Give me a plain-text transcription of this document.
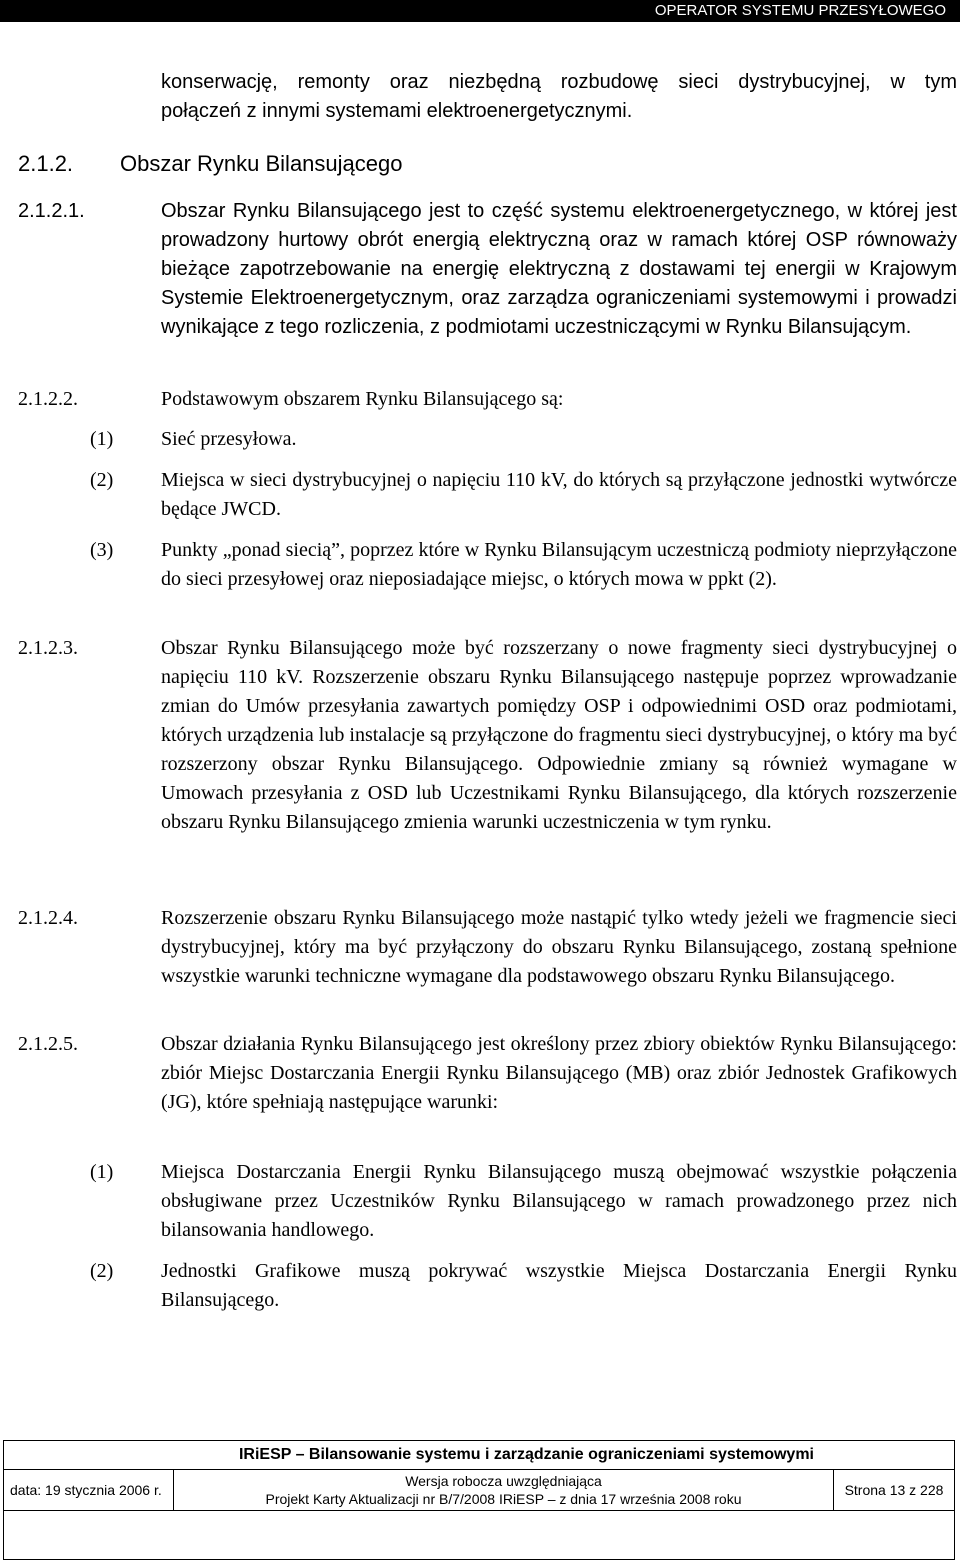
OPERATOR SYSTEMU PRZESYŁOWEGO
konserwację, remonty oraz niezbędną rozbudowę sieci dystrybucyjnej, w tym
połączeń z innymi systemami elektroenergetycznymi.
2.1.2. Obszar Rynku Bilansującego
2.1.2.1.	Obszar Rynku Bilansującego jest to część systemu elektroenergetycznego, w której jest prowadzony hurtowy obrót energią elektryczną oraz w ramach której OSP równoważy bieżące zapotrzebowanie na energię elektryczną z dostawami tej energii w Krajowym Systemie Elektroenergetycznym, oraz zarządza ograniczeniami systemowymi i prowadzi wynikające z tego rozliczenia, z podmiotami uczestniczącymi w Rynku Bilansującym.
2.1.2.2.	Podstawowym obszarem Rynku Bilansującego są:
(1) Sieć przesyłowa.
(2) Miejsca w sieci dystrybucyjnej o napięciu 110 kV, do których są przyłączone jednostki wytwórcze będące JWCD.
(3) Punkty „ponad siecią”, poprzez które w Rynku Bilansującym uczestniczą podmioty nieprzyłączone do sieci przesyłowej oraz nieposiadające miejsc, o których mowa w ppkt (2).
2.1.2.3.	Obszar Rynku Bilansującego może być rozszerzany o nowe fragmenty sieci dystrybucyjnej o napięciu 110 kV. Rozszerzenie obszaru Rynku Bilansującego następuje poprzez wprowadzanie zmian do Umów przesyłania zawartych pomiędzy OSP i odpowiednimi OSD oraz podmiotami, których urządzenia lub instalacje są przyłączone do fragmentu sieci dystrybucyjnej, o który ma być rozszerzony obszar Rynku Bilansującego. Odpowiednie zmiany są również wymagane w Umowach przesyłania z OSD lub Uczestnikami Rynku Bilansującego, dla których rozszerzenie obszaru Rynku Bilansującego zmienia warunki uczestniczenia w tym rynku.
2.1.2.4.	Rozszerzenie obszaru Rynku Bilansującego może nastąpić tylko wtedy jeżeli we fragmencie sieci dystrybucyjnej, który ma być przyłączony do obszaru Rynku Bilansującego, zostaną spełnione wszystkie warunki techniczne wymagane dla podstawowego obszaru Rynku Bilansującego.
2.1.2.5.	Obszar działania Rynku Bilansującego jest określony przez zbiory obiektów Rynku Bilansującego: zbiór Miejsc Dostarczania Energii Rynku Bilansującego (MB) oraz zbiór Jednostek Grafikowych (JG), które spełniają następujące warunki:
(1) Miejsca Dostarczania Energii Rynku Bilansującego muszą obejmować wszystkie połączenia obsługiwane przez Uczestników Rynku Bilansującego w ramach prowadzonego przez nich bilansowania handlowego.
(2) Jednostki Grafikowe muszą pokrywać wszystkie Miejsca Dostarczania Energii Rynku Bilansującego.
IRiESP – Bilansowanie systemu i zarządzanie ograniczeniami systemowymi
data: 19 stycznia 2006 r.
Wersja robocza uwzględniająca
Projekt Karty Aktualizacji nr B/7/2008 IRiESP – z dnia 17 września 2008 roku
Strona 13 z 228
